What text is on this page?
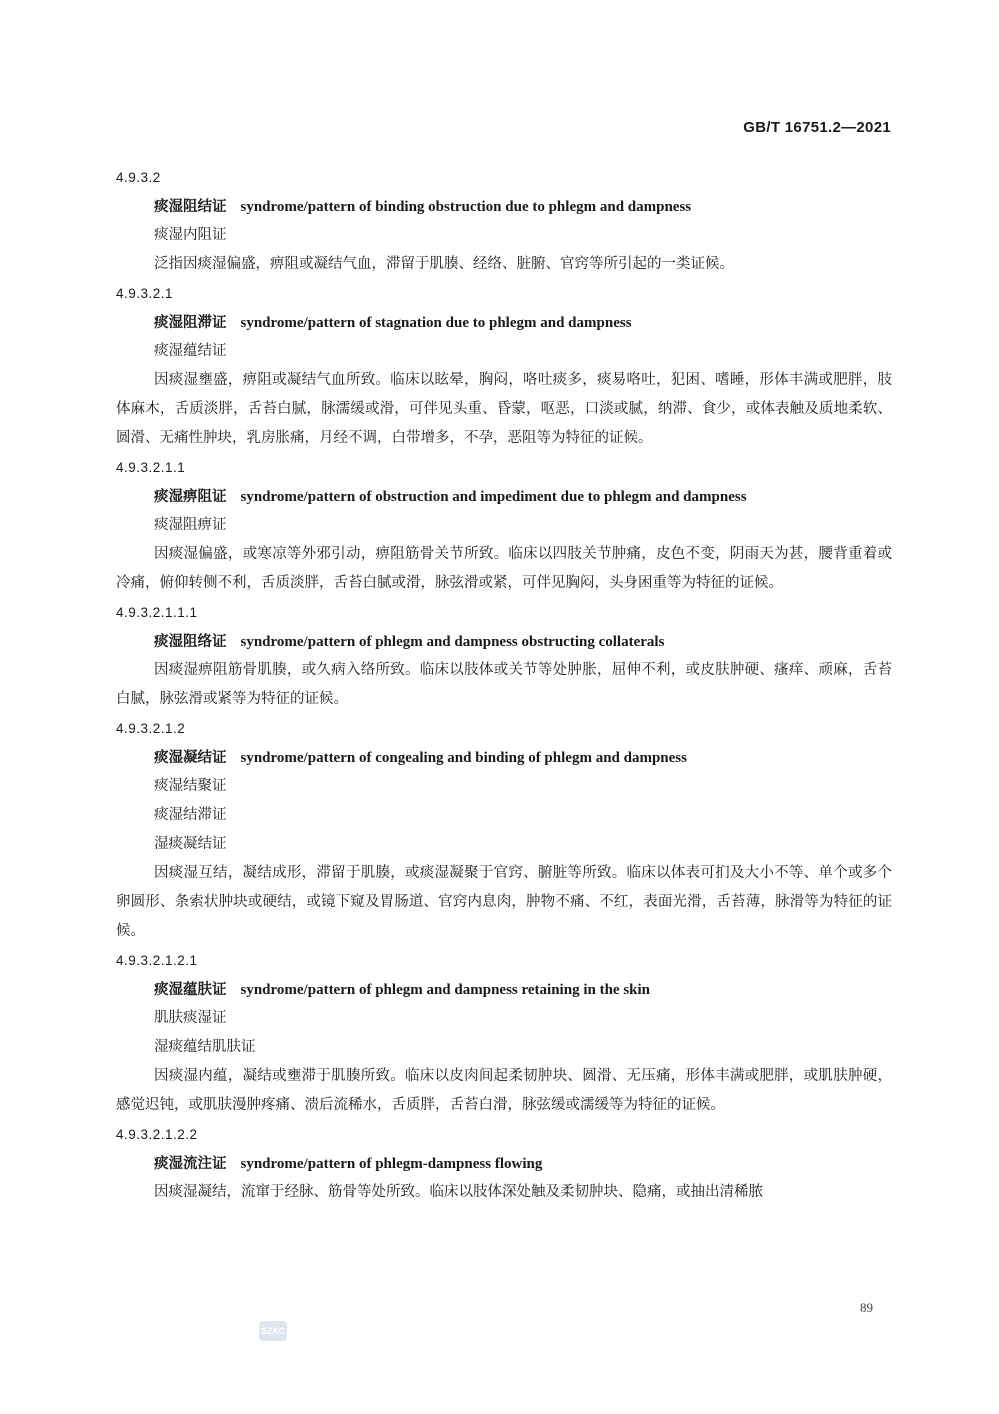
GB/T 16751.2—2021
4.9.3.2
痰湿阻结证 syndrome/pattern of binding obstruction due to phlegm and dampness
痰湿内阻证

泛指因痰湿偏盛，痹阻或凝结气血，滞留于肌腠、经络、脏腑、官窍等所引起的一类证候。

4.9.3.2.1
痰湿阻滞证 syndrome/pattern of stagnation due to phlegm and dampness
痰湿蕴结证

因痰湿壅盛，痹阻或凝结气血所致。临床以眩晕，胸闷，咯吐痰多，痰易咯吐，犯困、嗜睡，形体丰满或肥胖，肢体麻木，舌质淡胖，舌苔白腻，脉濡缓或滑，可伴见头重、昏蒙，呕恶，口淡或腻，纳滞、食少，或体表触及质地柔软、圆滑、无痛性肿块，乳房胀痛，月经不调，白带增多，不孕，恶阻等为特征的证候。

4.9.3.2.1.1
痰湿痹阻证 syndrome/pattern of obstruction and impediment due to phlegm and dampness
痰湿阻痹证

因痰湿偏盛，或寒凉等外邪引动，痹阻筋骨关节所致。临床以四肢关节肿痛，皮色不变，阴雨天为甚，腰背重着或冷痛，俯仰转侧不利，舌质淡胖，舌苔白腻或滑，脉弦滑或紧，可伴见胸闷，头身困重等为特征的证候。

4.9.3.2.1.1.1
痰湿阻络证 syndrome/pattern of phlegm and dampness obstructing collaterals

因痰湿痹阻筋骨肌腠，或久病入络所致。临床以肢体或关节等处肿胀，屈伸不利，或皮肤肿硬、瘙痒、顽麻，舌苔白腻，脉弦滑或紧等为特征的证候。

4.9.3.2.1.2
痰湿凝结证 syndrome/pattern of congealing and binding of phlegm and dampness
痰湿结聚证
痰湿结滞证
湿痰凝结证

因痰湿互结，凝结成形，滞留于肌腠，或痰湿凝聚于官窍、腑脏等所致。临床以体表可扪及大小不等、单个或多个卵圆形、条索状肿块或硬结，或镜下窥及胃肠道、官窍内息肉，肿物不痛、不红，表面光滑，舌苔薄，脉滑等为特征的证候。

4.9.3.2.1.2.1
痰湿蕴肤证 syndrome/pattern of phlegm and dampness retaining in the skin
肌肤痰湿证
湿痰蕴结肌肤证

因痰湿内蕴，凝结或壅滞于肌腠所致。临床以皮肉间起柔韧肿块、圆滑、无压痛，形体丰满或肥胖，或肌肤肿硬，感觉迟钝，或肌肤漫肿疼痛、溃后流稀水，舌质胖，舌苔白滑，脉弦缓或濡缓等为特征的证候。

4.9.3.2.1.2.2
痰湿流注证 syndrome/pattern of phlegm-dampness flowing

因痰湿凝结，流窜于经脉、筋骨等处所致。临床以肢体深处触及柔韧肿块、隐痛，或抽出清稀脓

89
SZXC
